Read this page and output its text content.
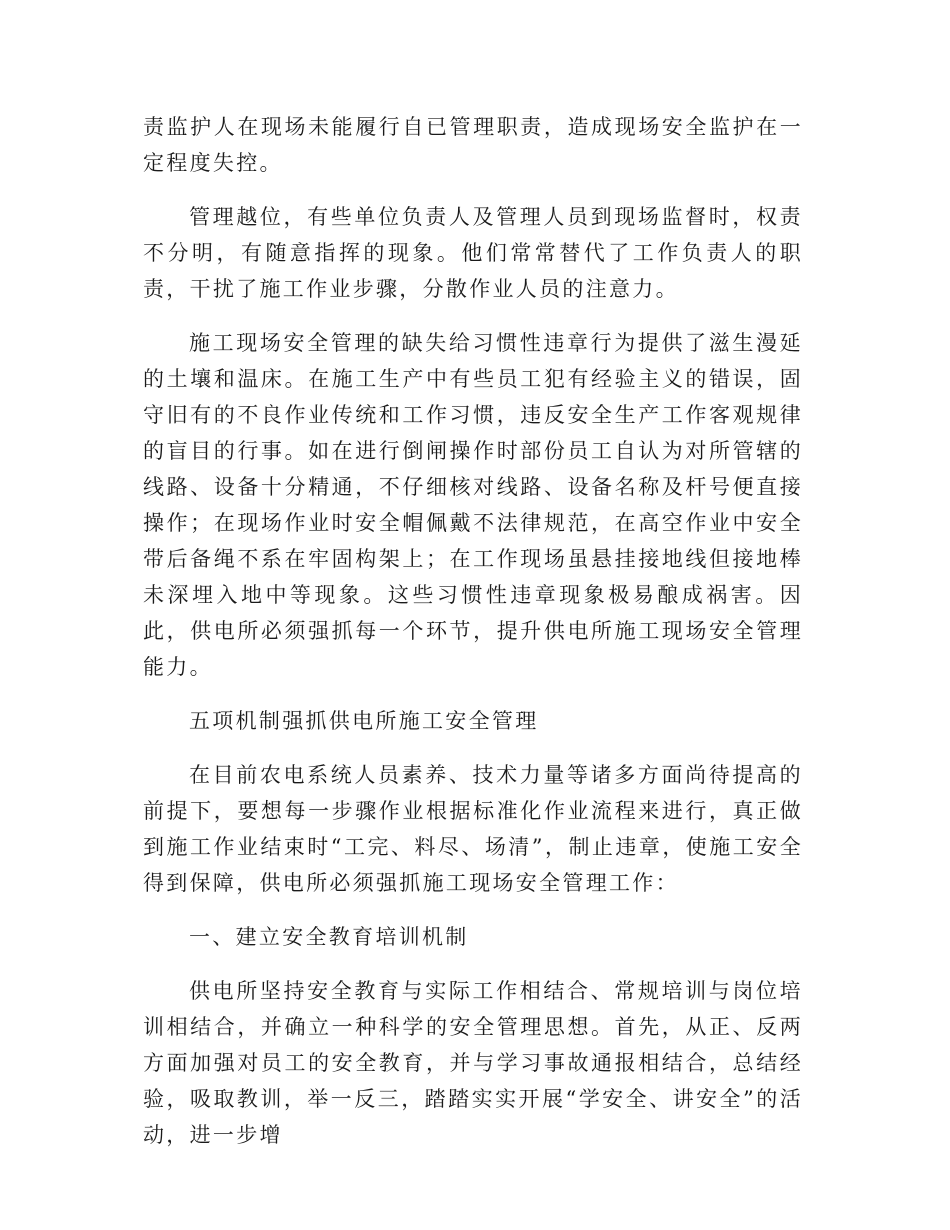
责监护人在现场未能履行自已管理职责，造成现场安全监护在一定程度失控。

管理越位，有些单位负责人及管理人员到现场监督时，权责不分明，有随意指挥的现象。他们常常替代了工作负责人的职责，干扰了施工作业步骤，分散作业人员的注意力。

施工现场安全管理的缺失给习惯性违章行为提供了滋生漫延的土壤和温床。在施工生产中有些员工犯有经验主义的错误，固守旧有的不良作业传统和工作习惯，违反安全生产工作客观规律的盲目的行事。如在进行倒闸操作时部份员工自认为对所管辖的线路、设备十分精通，不仔细核对线路、设备名称及杆号便直接操作；在现场作业时安全帽佩戴不法律规范，在高空作业中安全带后备绳不系在牢固构架上；在工作现场虽悬挂接地线但接地棒未深埋入地中等现象。这些习惯性违章现象极易酿成祸害。因此，供电所必须强抓每一个环节，提升供电所施工现场安全管理能力。

五项机制强抓供电所施工安全管理

在目前农电系统人员素养、技术力量等诸多方面尚待提高的前提下，要想每一步骤作业根据标准化作业流程来进行，真正做到施工作业结束时“工完、料尽、场清”，制止违章，使施工安全得到保障，供电所必须强抓施工现场安全管理工作：

一、建立安全教育培训机制

供电所坚持安全教育与实际工作相结合、常规培训与岗位培训相结合，并确立一种科学的安全管理思想。首先，从正、反两方面加强对员工的安全教育，并与学习事故通报相结合，总结经验，吸取教训，举一反三，踏踏实实开展“学安全、讲安全”的活动，进一步增
